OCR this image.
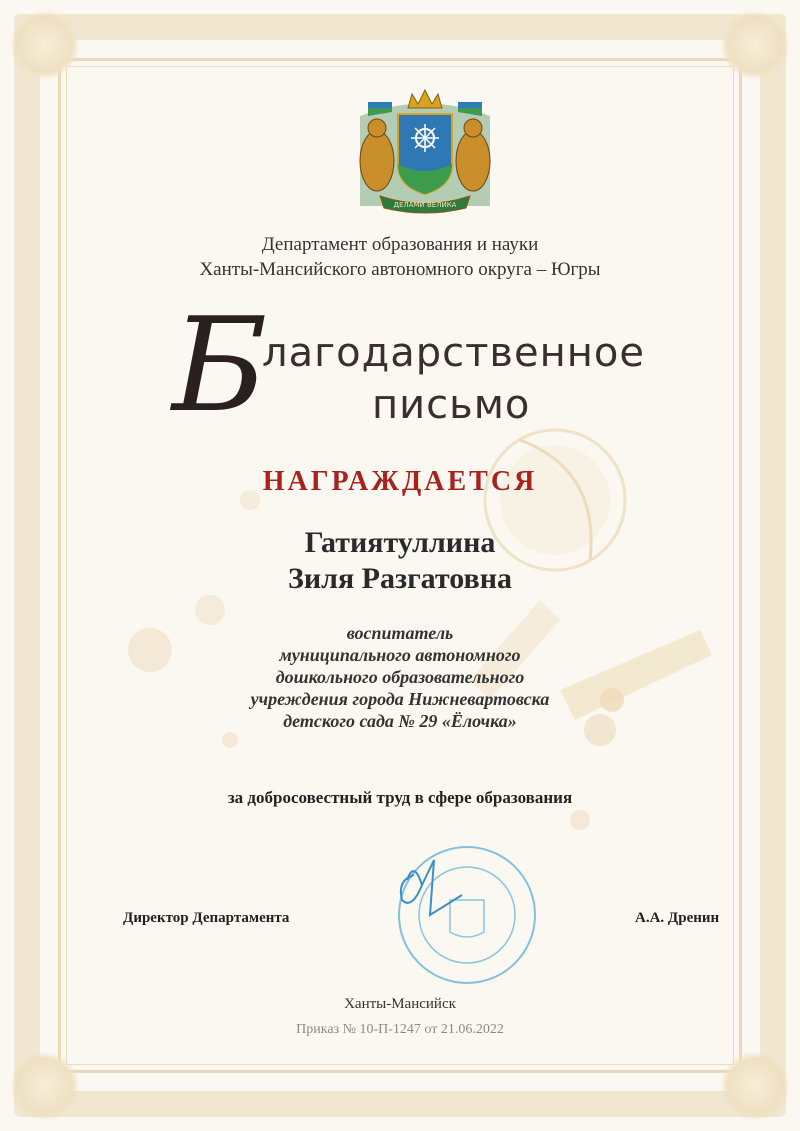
ДЕЛАМИ ВЕЛИКА
Департамент образования и науки
Ханты-Мансийского автономного округа – Югры
Б
лагодарственное
письмо
НАГРАЖДАЕТСЯ
Гатиятуллина
Зиля Разгатовна
воспитатель
муниципального автономного
дошкольного образовательного
учреждения города Нижневартовска
детского сада № 29 «Ёлочка»
за добросовестный труд в сфере образования
Директор Департамента	А.А. Дренин
Ханты-Мансийск
Приказ № 10-П-1247 от 21.06.2022
